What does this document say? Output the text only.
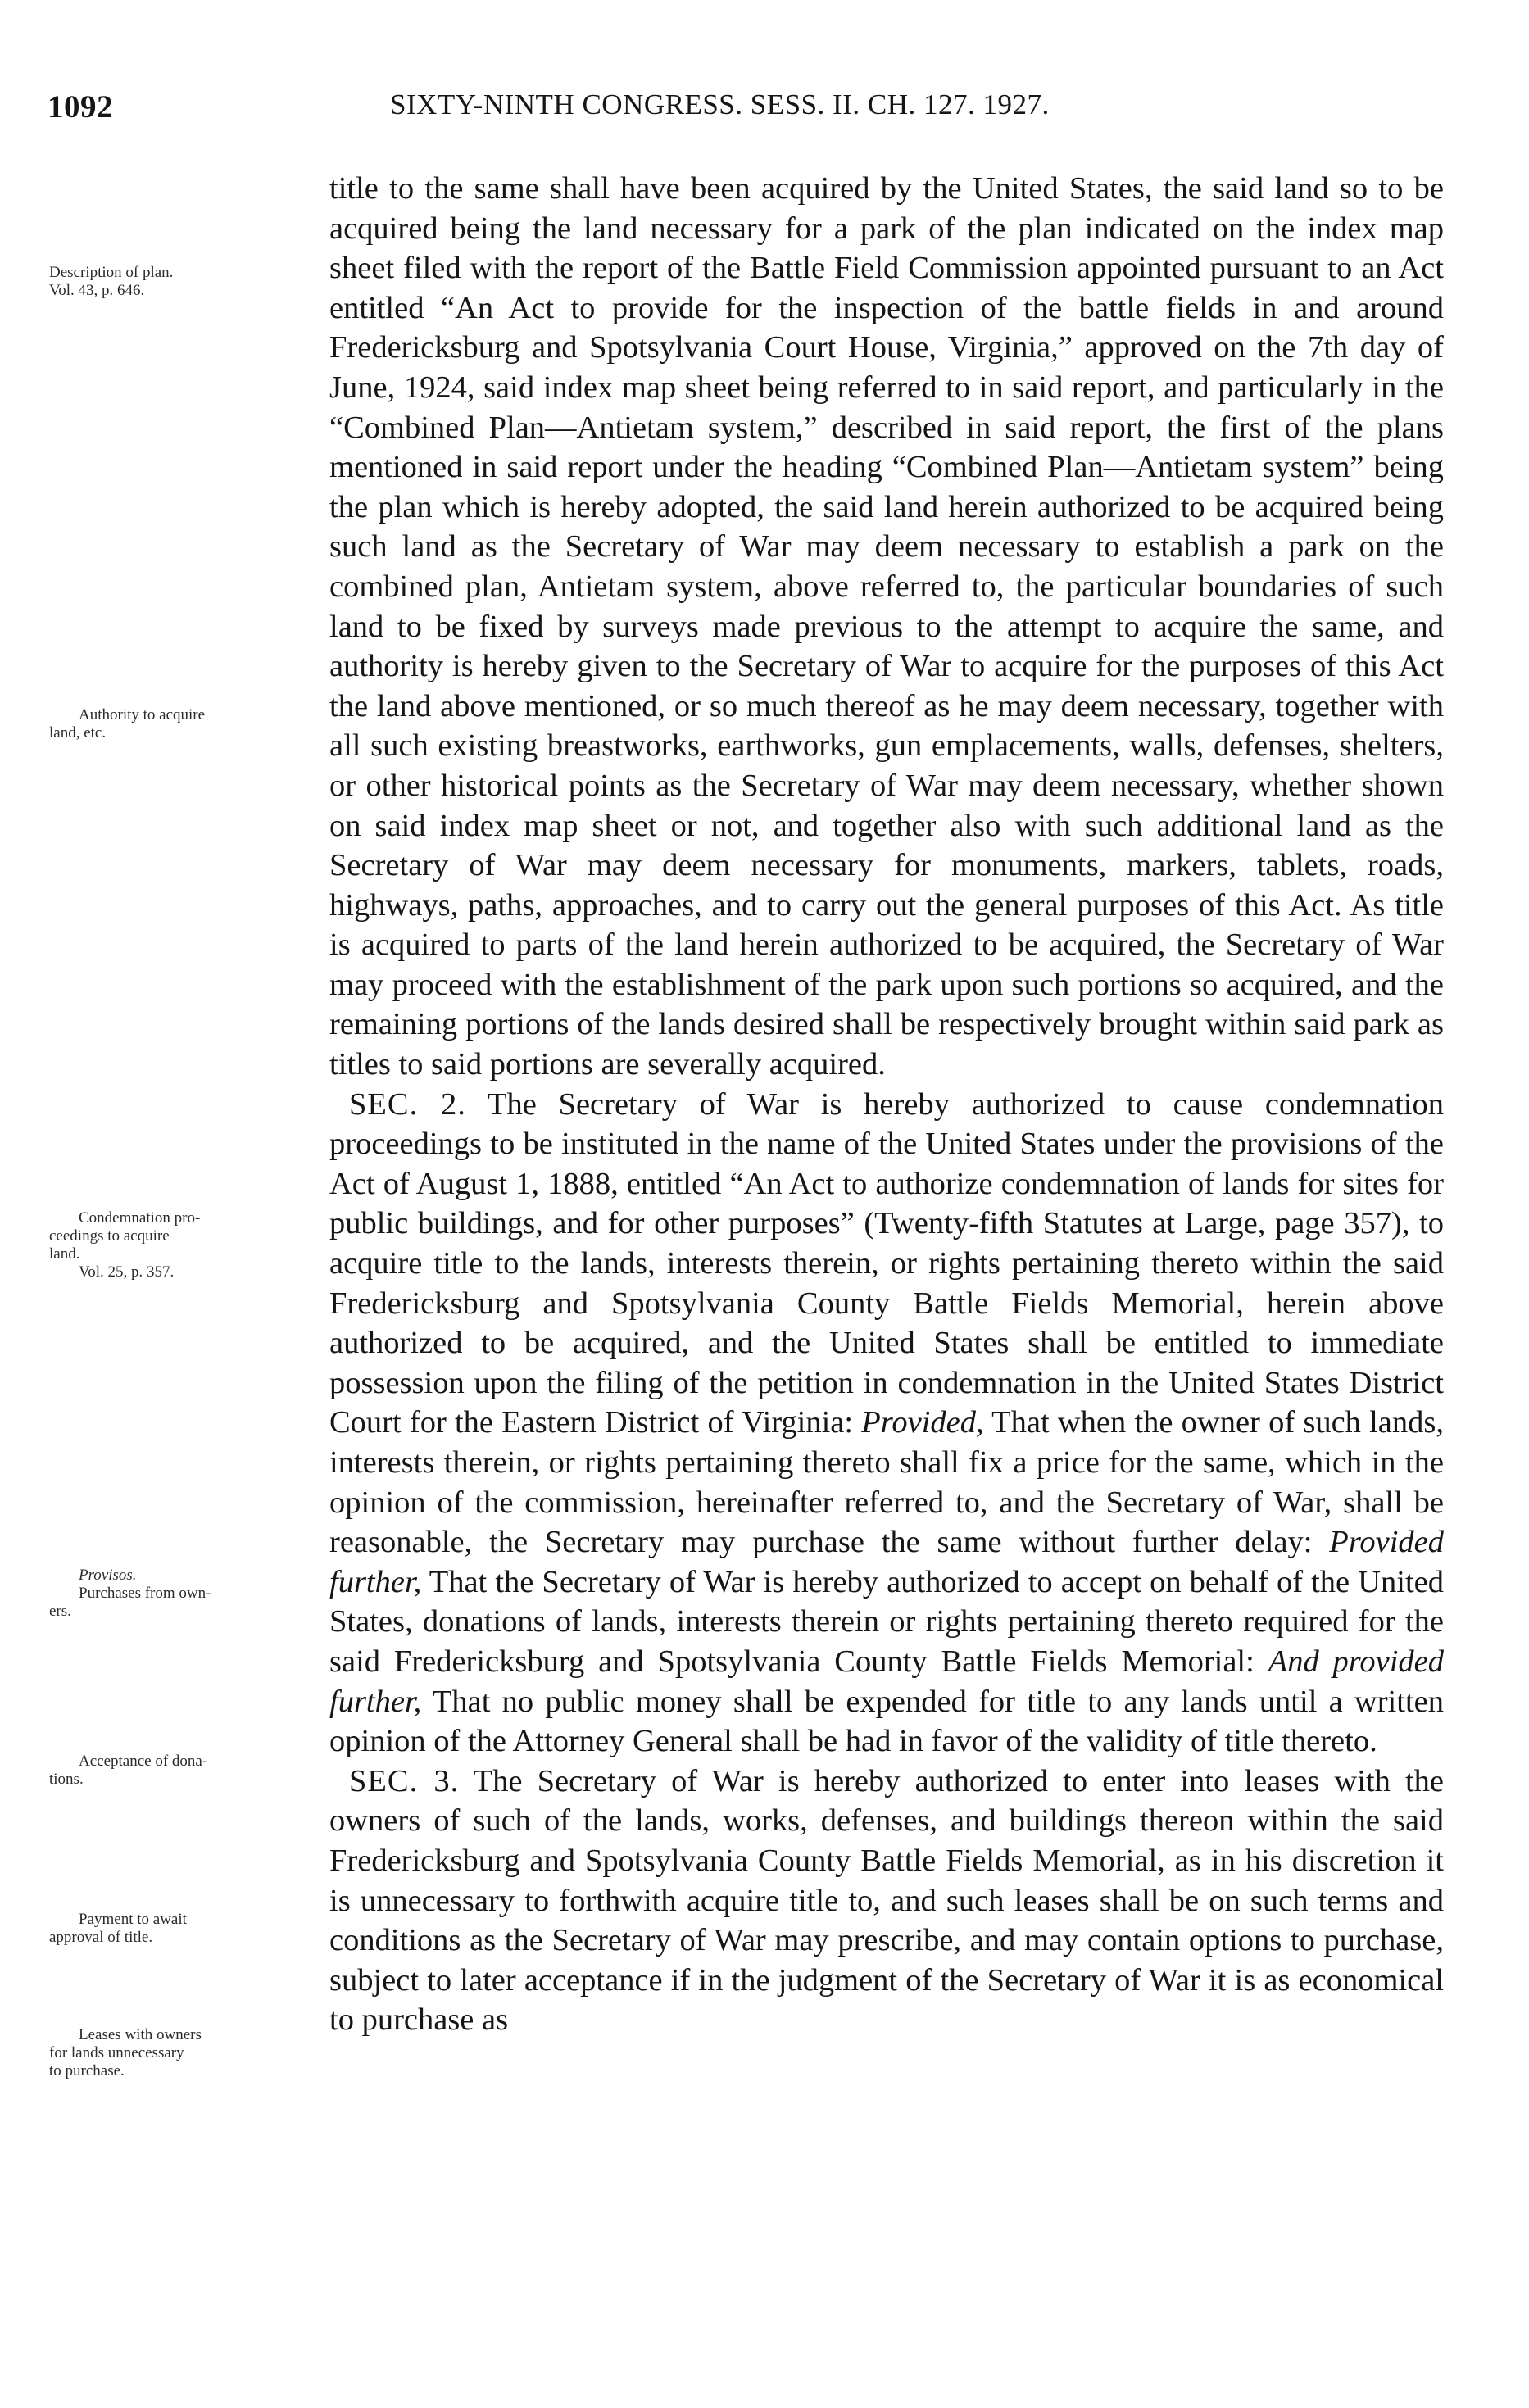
1092	SIXTY-NINTH CONGRESS. SESS. II. CH. 127. 1927.
Description of plan.
Vol. 43, p. 646.
Authority to acquire
land, etc.
Condemnation pro-
ceedings to acquire
land.
Vol. 25, p. 357.
Provisos.
Purchases from own-
ers.
Acceptance of dona-
tions.
Payment to await
approval of title.
Leases with owners
for lands unnecessary
to purchase.

title to the same shall have been acquired by the United States, the said land so to be acquired being the land necessary for a park of the plan indicated on the index map sheet filed with the report of the Battle Field Commission appointed pursuant to an Act entitled “An Act to provide for the inspection of the battle fields in and around Fredericksburg and Spotsylvania Court House, Virginia,” approved on the 7th day of June, 1924, said index map sheet being referred to in said report, and particularly in the “Combined Plan—Antietam system,” described in said report, the first of the plans mentioned in said report under the heading “Combined Plan—Antietam system” being the plan which is hereby adopted, the said land herein authorized to be acquired being such land as the Secretary of War may deem necessary to establish a park on the combined plan, Antietam system, above referred to, the particular boundaries of such land to be fixed by surveys made previous to the attempt to acquire the same, and authority is hereby given to the Secretary of War to acquire for the purposes of this Act the land above mentioned, or so much thereof as he may deem necessary, together with all such existing breastworks, earthworks, gun emplacements, walls, defenses, shelters, or other historical points as the Secretary of War may deem necessary, whether shown on said index map sheet or not, and together also with such additional land as the Secretary of War may deem necessary for monuments, markers, tablets, roads, highways, paths, approaches, and to carry out the general purposes of this Act. As title is acquired to parts of the land herein authorized to be acquired, the Secretary of War may proceed with the establishment of the park upon such portions so acquired, and the remaining portions of the lands desired shall be respectively brought within said park as titles to said portions are severally acquired.

SEC. 2. The Secretary of War is hereby authorized to cause condemnation proceedings to be instituted in the name of the United States under the provisions of the Act of August 1, 1888, entitled “An Act to authorize condemnation of lands for sites for public buildings, and for other purposes” (Twenty-fifth Statutes at Large, page 357), to acquire title to the lands, interests therein, or rights pertaining thereto within the said Fredericksburg and Spotsylvania County Battle Fields Memorial, herein above authorized to be acquired, and the United States shall be entitled to immediate possession upon the filing of the petition in condemnation in the United States District Court for the Eastern District of Virginia: Provided, That when the owner of such lands, interests therein, or rights pertaining thereto shall fix a price for the same, which in the opinion of the commission, hereinafter referred to, and the Secretary of War, shall be reasonable, the Secretary may purchase the same without further delay: Provided further, That the Secretary of War is hereby authorized to accept on behalf of the United States, donations of lands, interests therein or rights pertaining thereto required for the said Fredericksburg and Spotsylvania County Battle Fields Memorial: And provided further, That no public money shall be expended for title to any lands until a written opinion of the Attorney General shall be had in favor of the validity of title thereto.

SEC. 3. The Secretary of War is hereby authorized to enter into leases with the owners of such of the lands, works, defenses, and buildings thereon within the said Fredericksburg and Spotsylvania County Battle Fields Memorial, as in his discretion it is unnecessary to forthwith acquire title to, and such leases shall be on such terms and conditions as the Secretary of War may prescribe, and may contain options to purchase, subject to later acceptance if in the judgment of the Secretary of War it is as economical to purchase as
